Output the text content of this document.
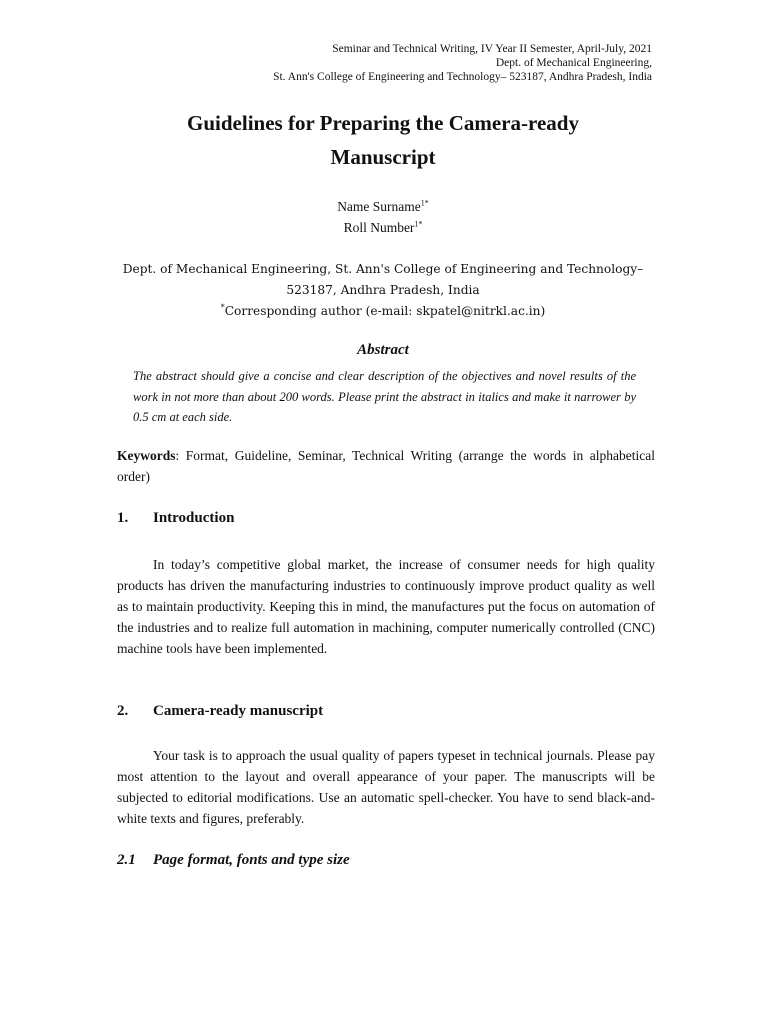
Seminar and Technical Writing, IV Year II Semester, April-July, 2021
Dept. of Mechanical Engineering,
St. Ann's College of Engineering and Technology– 523187, Andhra Pradesh, India
Guidelines for Preparing the Camera-ready
Manuscript
Name Surname$^{1*}$
Roll Number$^{1*}$
Dept. of Mechanical Engineering, St. Ann's College of Engineering and Technology–
523187, Andhra Pradesh, India
*Corresponding author (e-mail: skpatel@nitrkl.ac.in)
Abstract
The abstract should give a concise and clear description of the objectives and novel results of the work in not more than about 200 words. Please print the abstract in italics and make it narrower by 0.5 cm at each side.
Keywords: Format, Guideline, Seminar, Technical Writing (arrange the words in alphabetical order)
1. Introduction
In today’s competitive global market, the increase of consumer needs for high quality products has driven the manufacturing industries to continuously improve product quality as well as to maintain productivity. Keeping this in mind, the manufactures put the focus on automation of the industries and to realize full automation in machining, computer numerically controlled (CNC) machine tools have been implemented.
2. Camera-ready manuscript
Your task is to approach the usual quality of papers typeset in technical journals. Please pay most attention to the layout and overall appearance of your paper. The manuscripts will be subjected to editorial modifications. Use an automatic spell-checker. You have to send black-and-white texts and figures, preferably.
2.1 Page format, fonts and type size
